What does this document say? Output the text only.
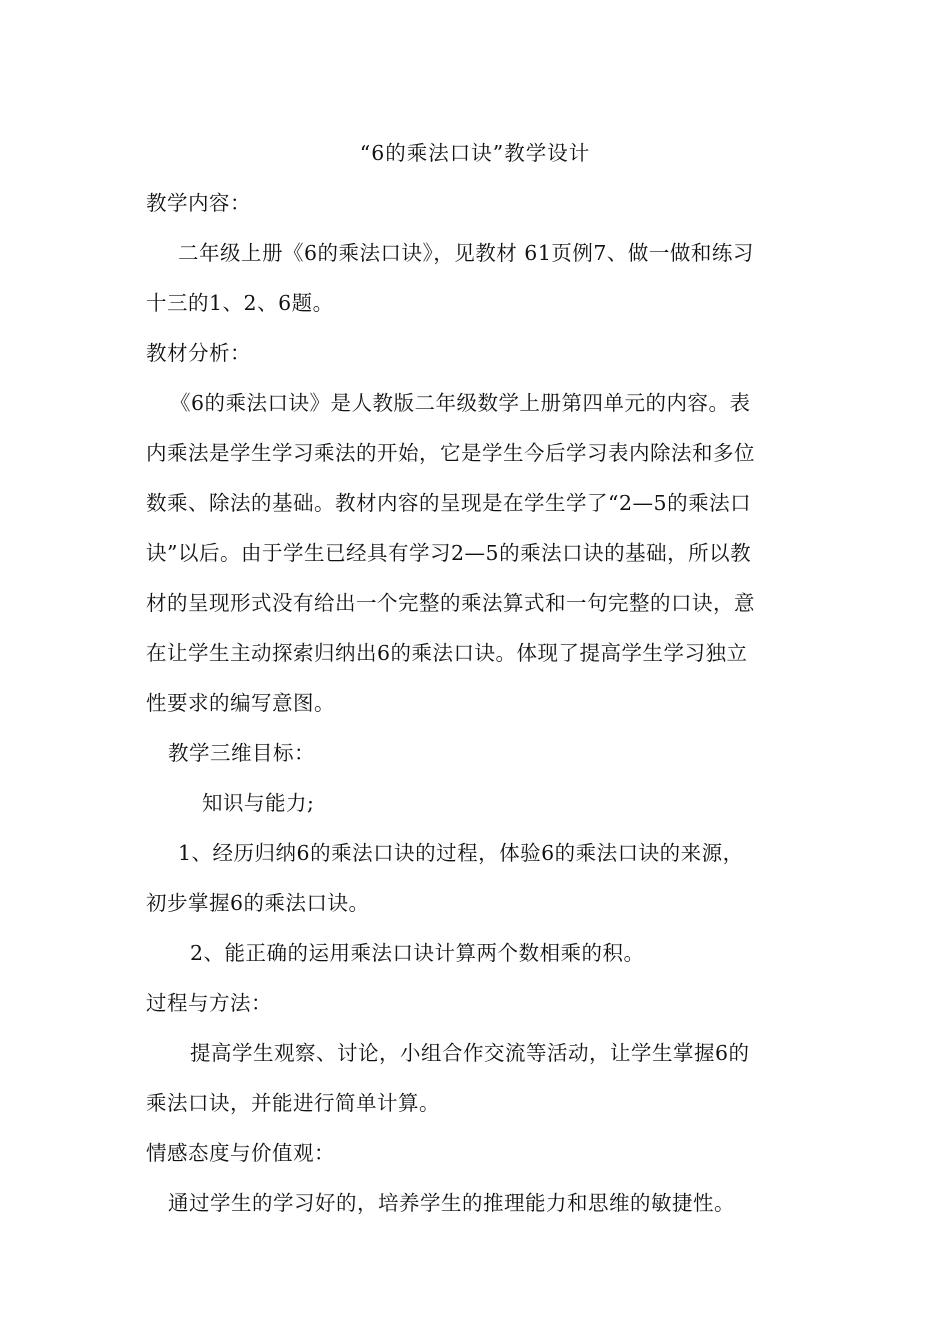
“6的乘法口诀”教学设计
教学内容：
二年级上册《6的乘法口诀》，见教材 61页例7、做一做和练习
十三的1、2、6题。
教材分析：
《6的乘法口诀》是人教版二年级数学上册第四单元的内容。表
内乘法是学生学习乘法的开始，它是学生今后学习表内除法和多位
数乘、除法的基础。教材内容的呈现是在学生学了“2—5的乘法口
诀”以后。由于学生已经具有学习2—5的乘法口诀的基础，所以教
材的呈现形式没有给出一个完整的乘法算式和一句完整的口诀，意
在让学生主动探索归纳出6的乘法口诀。体现了提高学生学习独立
性要求的编写意图。
教学三维目标：
知识与能力;
1、经历归纳6的乘法口诀的过程，体验6的乘法口诀的来源，
初步掌握6的乘法口诀。
2、能正确的运用乘法口诀计算两个数相乘的积。
过程与方法：
提高学生观察、讨论，小组合作交流等活动，让学生掌握6的
乘法口诀，并能进行简单计算。
情感态度与价值观：
通过学生的学习好的，培养学生的推理能力和思维的敏捷性。
